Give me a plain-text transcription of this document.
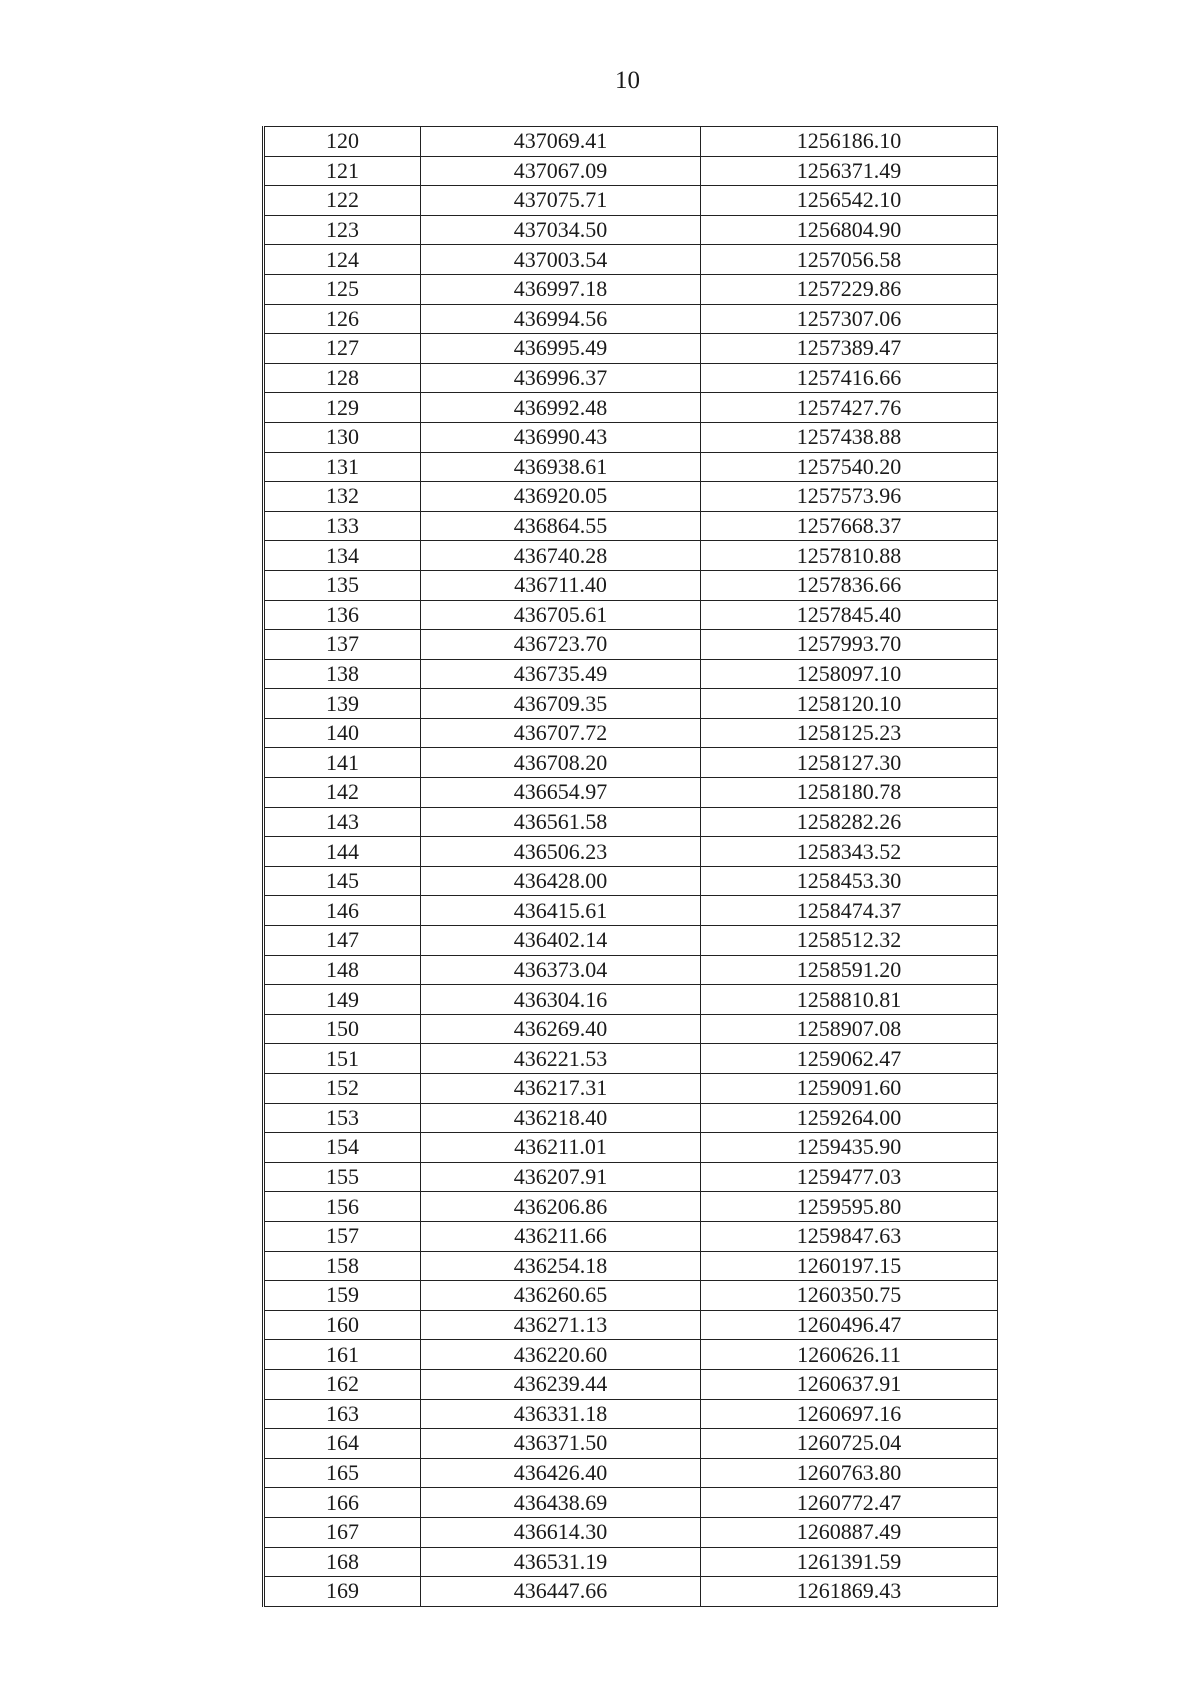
10
120	437069.41	1256186.10
121	437067.09	1256371.49
122	437075.71	1256542.10
123	437034.50	1256804.90
124	437003.54	1257056.58
125	436997.18	1257229.86
126	436994.56	1257307.06
127	436995.49	1257389.47
128	436996.37	1257416.66
129	436992.48	1257427.76
130	436990.43	1257438.88
131	436938.61	1257540.20
132	436920.05	1257573.96
133	436864.55	1257668.37
134	436740.28	1257810.88
135	436711.40	1257836.66
136	436705.61	1257845.40
137	436723.70	1257993.70
138	436735.49	1258097.10
139	436709.35	1258120.10
140	436707.72	1258125.23
141	436708.20	1258127.30
142	436654.97	1258180.78
143	436561.58	1258282.26
144	436506.23	1258343.52
145	436428.00	1258453.30
146	436415.61	1258474.37
147	436402.14	1258512.32
148	436373.04	1258591.20
149	436304.16	1258810.81
150	436269.40	1258907.08
151	436221.53	1259062.47
152	436217.31	1259091.60
153	436218.40	1259264.00
154	436211.01	1259435.90
155	436207.91	1259477.03
156	436206.86	1259595.80
157	436211.66	1259847.63
158	436254.18	1260197.15
159	436260.65	1260350.75
160	436271.13	1260496.47
161	436220.60	1260626.11
162	436239.44	1260637.91
163	436331.18	1260697.16
164	436371.50	1260725.04
165	436426.40	1260763.80
166	436438.69	1260772.47
167	436614.30	1260887.49
168	436531.19	1261391.59
169	436447.66	1261869.43
